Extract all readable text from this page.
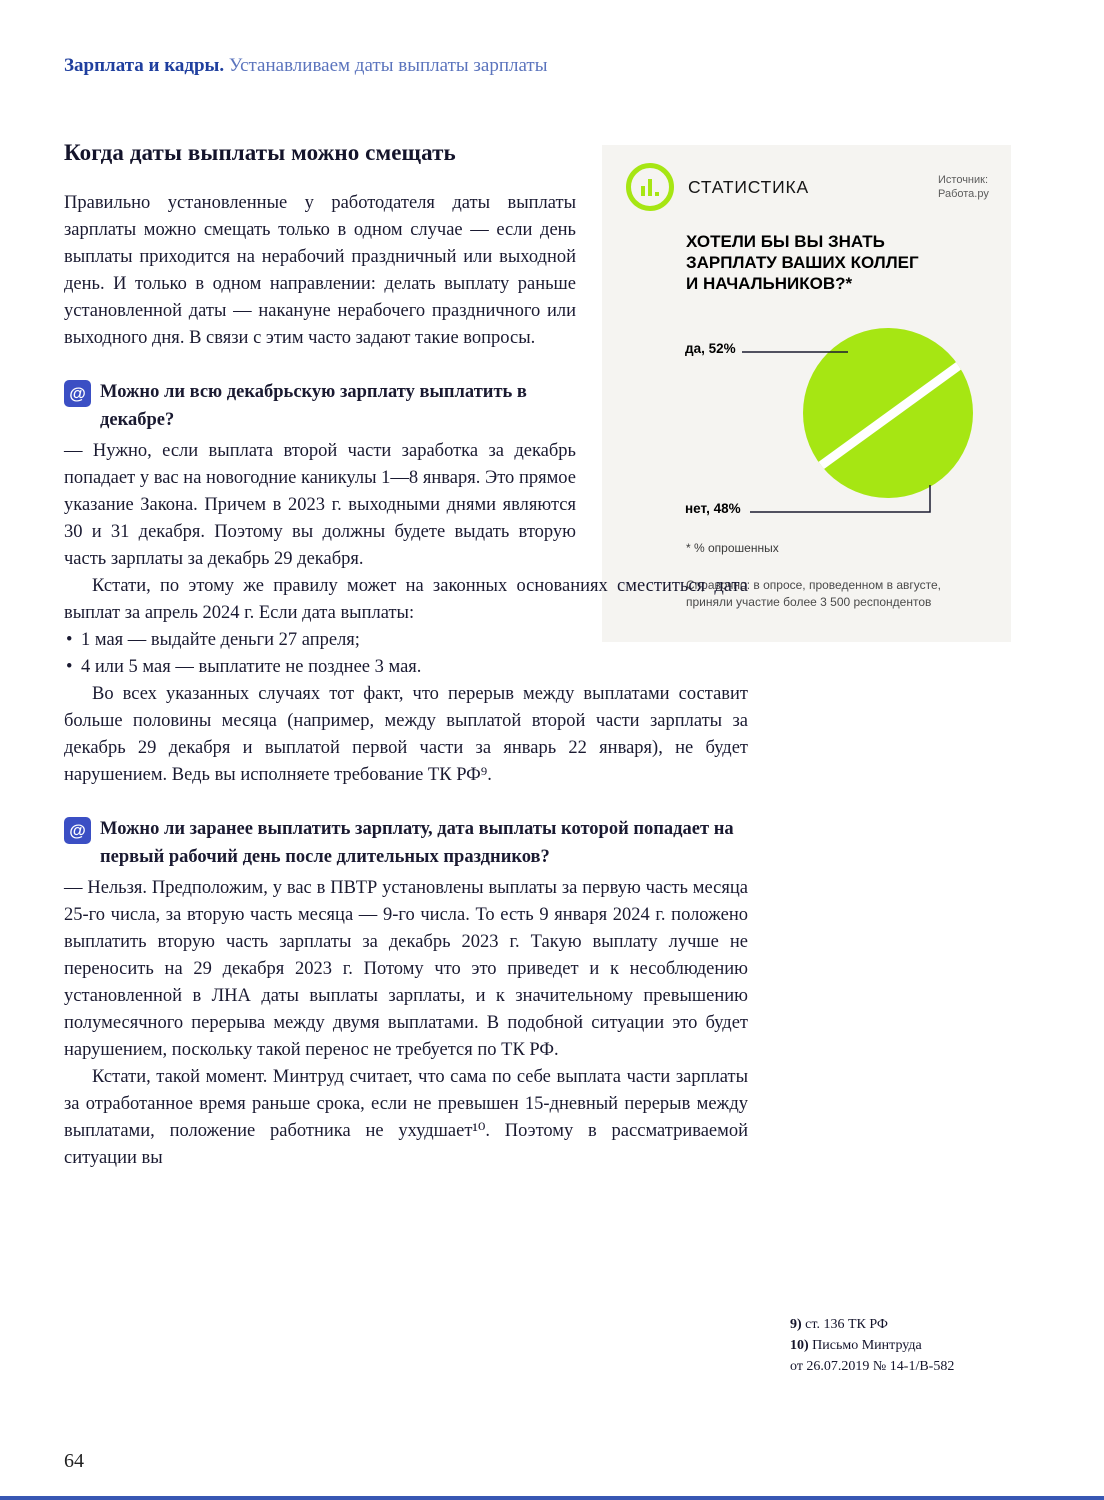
Зарплата и кадры. Устанавливаем даты выплаты зарплаты
СТАТИСТИКА	Источник:
Работа.ру
ХОТЕЛИ БЫ ВЫ ЗНАТЬ ЗАРПЛАТУ ВАШИХ КОЛЛЕГ И НАЧАЛЬНИКОВ?*
да, 52%
нет, 48%
* % опрошенных
Справочно: в опросе, проведенном в августе, приняли участие более 3 500 респондентов
Когда даты выплаты можно смещать

Правильно установленные у работодателя даты выплаты зарплаты можно смещать только в одном случае — если день выплаты приходится на нерабочий праздничный или выходной день. И только в одном направлении: делать выплату раньше установленной даты — накануне нерабочего праздничного или выходного дня. В связи с этим часто задают такие вопросы.

@ Можно ли всю декабрьскую зарплату выплатить в декабре?

— Нужно, если выплата второй части заработка за декабрь попадает у вас на новогодние каникулы 1—8 января. Это прямое указание Закона. Причем в 2023 г. выходными днями являются 30 и 31 декабря. Поэтому вы должны будете выдать вторую часть зарплаты за декабрь 29 декабря.

Кстати, по этому же правилу может на законных основаниях сместиться дата выплат за апрель 2024 г. Если дата выплаты:

• 1 мая — выдайте деньги 27 апреля;
• 4 или 5 мая — выплатите не позднее 3 мая.

Во всех указанных случаях тот факт, что перерыв между выплатами составит больше половины месяца (например, между выплатой второй части зарплаты за декабрь 29 декабря и выплатой первой части за январь 22 января), не будет нарушением. Ведь вы исполняете требование ТК РФ⁹.

@ Можно ли заранее выплатить зарплату, дата выплаты которой попадает на первый рабочий день после длительных праздников?

— Нельзя. Предположим, у вас в ПВТР установлены выплаты за первую часть месяца 25-го числа, за вторую часть месяца — 9-го числа. То есть 9 января 2024 г. положено выплатить вторую часть зарплаты за декабрь 2023 г. Такую выплату лучше не переносить на 29 декабря 2023 г. Потому что это приведет и к несоблюдению установленной в ЛНА даты выплаты зарплаты, и к значительному превышению полумесячного перерыва между двумя выплатами. В подобной ситуации это будет нарушением, поскольку такой перенос не требуется по ТК РФ.

Кстати, такой момент. Минтруд считает, что сама по себе выплата части зарплаты за отработанное время раньше срока, если не превышен 15-дневный перерыв между выплатами, положение работника не ухудшает¹⁰. Поэтому в рассматриваемой ситуации вы

9) ст. 136 ТК РФ
10) Письмо Минтруда
от 26.07.2019 № 14-1/В-582
64
